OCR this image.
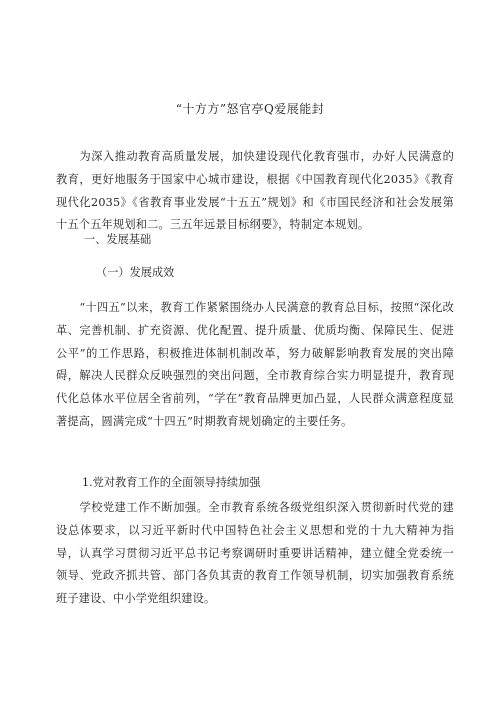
“十方方”怒官亭Q爱展能封

为深入推动教育高质量发展，加快建设现代化教育强市，办好人民满意的教育，更好地服务于国家中心城市建设，根据《中国教育现代化2035》《教育现代化2035》《省教育事业发展“十五五”规划》和《市国民经济和社会发展第十五个五年规划和二。三五年远景目标纲要》，特制定本规划。

一、发展基础
（一）发展成效

“十四五”以来，教育工作紧紧围绕办人民满意的教育总目标，按照“深化改革、完善机制、扩充资源、优化配置、提升质量、优质均衡、保障民生、促进公平”的工作思路，积极推进体制机制改革，努力破解影响教育发展的突出障碍，解决人民群众反映强烈的突出问题，全市教育综合实力明显提升，教育现代化总体水平位居全省前列，“学在”教育品牌更加凸显，人民群众满意程度显著提高，圆满完成“十四五”时期教育规划确定的主要任务。

1.党对教育工作的全面领导持续加强

学校党建工作不断加强。全市教育系统各级党组织深入贯彻新时代党的建设总体要求，以习近平新时代中国特色社会主义思想和党的十九大精神为指导，认真学习贯彻习近平总书记考察调研时重要讲话精神，建立健全党委统一领导、党政齐抓共管、部门各负其责的教育工作领导机制，切实加强教育系统班子建设、中小学党组织建设。
